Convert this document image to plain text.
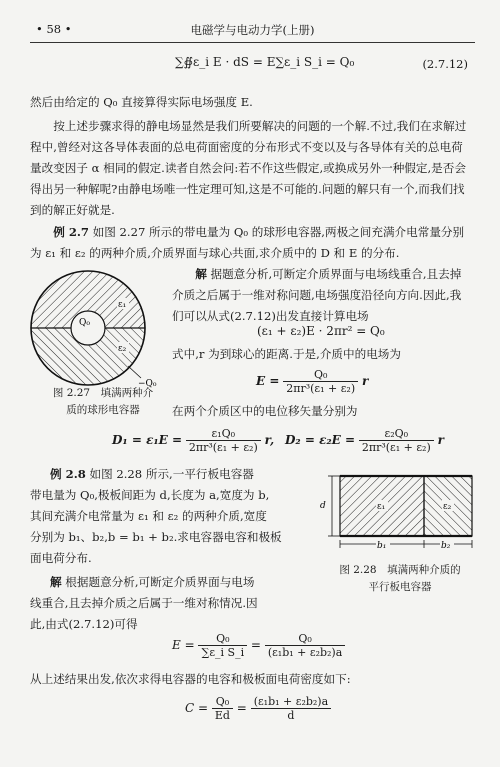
• 58 •	电磁学与电动力学(上册)
∑∯ε_i E · dS = E∑ε_i S_i = Q₀	(2.7.12)
然后由给定的 Q₀ 直接算得实际电场强度 E.
按上述步骤求得的静电场显然是我们所要解决的问题的一个解.不过,我们在求解过程中,曾经对这各导体表面的总电荷面密度的分布形式不变以及与各导体有关的总电荷量改变因子 α 相同的假定.读者自然会问:若不作这些假定,或换成另外一种假定,是否会得出另一种解呢?由静电场唯一性定理可知,这是不可能的.问题的解只有一个,而我们找到的解正好就是.
例 2.7 如图 2.27 所示的带电量为 Q₀ 的球形电容器,两极之间充满介电常量分别为 ε₁ 和 ε₂ 的两种介质,介质界面与球心共面,求介质中的 D 和 E 的分布.
Q₀
ε₁
ε₂
−Q₀
图 2.27　填满两种介
质的球形电容器
解 据题意分析,可断定介质界面与电场线重合,且去掉介质之后属于一维对称问题,电场强度沿径向方向.因此,我们可以从式(2.7.12)出发直接计算电场
(ε₁ + ε₂)E · 2πr² = Q₀
式中,r 为到球心的距离.于是,介质中的电场为
$E = \frac{\text{Q₀}}{\text{2πr³(ε₁ + ε₂)}}$ r
在两个介质区中的电位移矢量分别为
$D_1 = \varepsilon_1E = \frac{\text{ε₁Q₀}}{\text{2πr³(ε₁ + ε₂)}} r$, $D_2 = \varepsilon_2E = \frac{\text{ε₂Q₀}}{\text{2πr³(ε₁ + ε₂)}}$ r
例 2.8 如图 2.28 所示,一平行板电容器
带电量为 Q₀,极板间距为 d,长度为 a,宽度为 b,
其间充满介电常量为 ε₁ 和 ε₂ 的两种介质,宽度
分别为 b₁、b₂,b = b₁ + b₂.求电容器电容和极板
面电荷分布.
解 根据题意分析,可断定介质界面与电场
线重合,且去掉介质之后属于一维对称情况.因
此,由式(2.7.12)可得
d	ε₁	ε₂
b₁	b₂
图 2.28　填满两种介质的
平行板电容器
$E = \frac{\text{Q₀}}{\text{∑ε\_i S\_i}} = \frac{\text{Q₀}}{\text{(ε₁b₁ + ε₂b₂)a}}$
从上述结果出发,依次求得电容器的电容和极板面电荷密度如下:
$C = \frac{\text{Q₀}}{Ed} = \frac{\text{(ε₁b₁ + ε₂b₂)a}}{d}$
